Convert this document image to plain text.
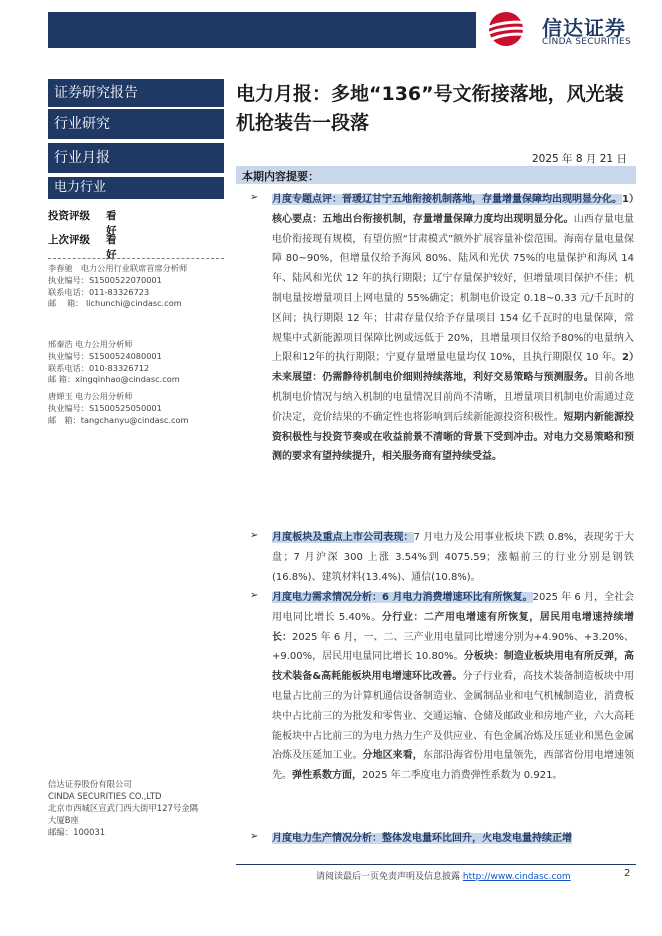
信达证券
CINDA SECURITIES
证券研究报告
行业研究
行业月报
电力行业
投资评级 看好
上次评级 看好
李春驰　电力公用行业联席首席分析师
执业编号：S1500522070001
联系电话：011-83326723
邮　 箱： lichunchi@cindasc.com
邢秦浩 电力公用分析师
执业编号：S1500524080001
联系电话：010-83326712
邮 箱：xingqinhao@cindasc.com
唐婵玉 电力公用分析师
执业编号：S1500525050001
邮　箱：tangchanyu@cindasc.com
信达证券股份有限公司
CINDA SECURITIES CO.,LTD
北京市西城区宣武门西大街甲127号金隅
大厦B座
邮编：100031
电力月报：多地“136”号文衔接落地，风光装机抢装告一段落
2025 年 8 月 21 日
本期内容提要：
➢ 月度专题点评：晋瑗辽甘宁五地衔接机制落地，存量增量保障均出现明显分化。1）核心要点：五地出台衔接机制，存量增量保障力度均出现明显分化。山西存量电量电价衔接现有规模，有望仿照“甘肃模式”额外扩展容量补偿范围。海南存量电量保障 80~90%，但增量仅给予海风 80%、陆风和光伏 75%的电量保护和海风 14 年、陆风和光伏 12 年的执行期限；辽宁存量保护较好，但增量项目保护不佳；机制电量按增量项目上网电量的 55%确定；机制电价设定 0.18~0.33 元/千瓦时的区间；执行期限 12 年；甘肃存量仅给予存量项目 154 亿千瓦时的电量保障，常规集中式新能源项目保障比例或远低于 20%，且增量项目仅给予80%的电量纳入上限和12年的执行期限；宁夏存量增量电量均仅 10%，且执行期限仅 10 年。2）未来展望：仍需静待机制电价细则持续落地，利好交易策略与预测服务。目前各地机制电价情况与纳入机制的电量情况目前尚不清晰，且增量项目机制电价需通过竞价决定，竞价结果的不确定性也将影响到后续新能源投资积极性。短期内新能源投资积极性与投资节奏或在收益前景不清晰的背景下受到冲击。对电力交易策略和预测的要求有望持续提升，相关服务商有望持续受益。
➢ 月度板块及重点上市公司表现：7 月电力及公用事业板块下跌 0.8%，表现劣于大盘；7 月沪深 300 上涨 3.54%到 4075.59；涨幅前三的行业分别是钢铁(16.8%)、建筑材料(13.4%)、通信(10.8%)。
➢ 月度电力需求情况分析：6 月电力消费增速环比有所恢复。2025 年 6 月，全社会用电同比增长 5.40%。分行业：二产用电增速有所恢复，居民用电增速持续增长：2025 年 6 月，一、二、三产业用电量同比增速分别为+4.90%、+3.20%、+9.00%，居民用电量同比增长 10.80%。分板块：制造业板块用电有所反弹，高技术装备&高耗能板块用电增速环比改善。分子行业看，高技术装备制造板块中用电量占比前三的为计算机通信设备制造业、金属制品业和电气机械制造业，消费板块中占比前三的为批发和零售业、交通运输、仓储及邮政业和房地产业，六大高耗能板块中占比前三的为电力热力生产及供应业、有色金属冶炼及压延业和黑色金属冶炼及压延加工业。分地区来看，东部沿海省份用电量领先，西部省份用电增速领先。弹性系数方面，2025 年二季度电力消费弹性系数为 0.921。
➢ 月度电力生产情况分析：整体发电量环比回升，火电发电量持续正增
请阅读最后一页免责声明及信息披露 http://www.cindasc.com	2
